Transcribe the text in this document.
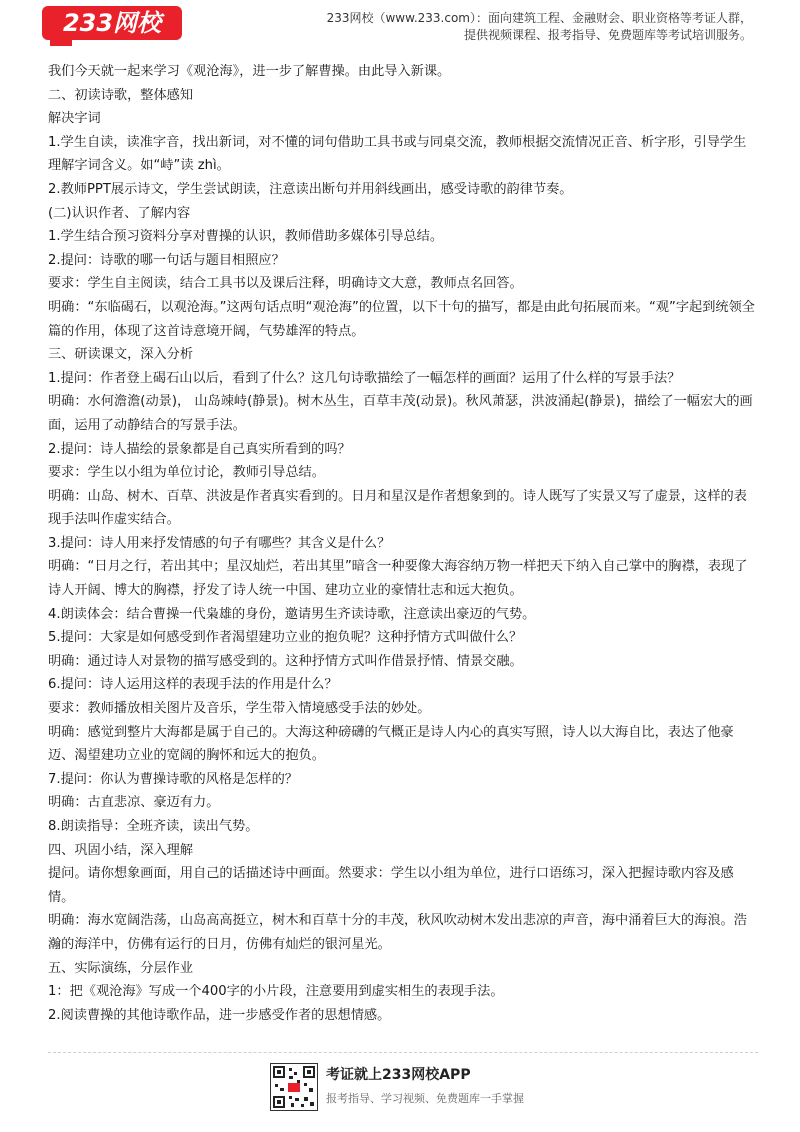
233网校	233网校（www.233.com）：面向建筑工程、金融财会、职业资格等考证人群，
提供视频课程、报考指导、免费题库等考试培训服务。

我们今天就一起来学习《观沧海》，进一步了解曹操。由此导入新课。

二、初读诗歌，整体感知

解决字词

1.学生自读，读准字音，找出新词，对不懂的词句借助工具书或与同桌交流，教师根据交流情况正音、析字形，引导学生理解字词含义。如“峙”读 zhì。

2.教师PPT展示诗文，学生尝试朗读，注意读出断句并用斜线画出，感受诗歌的韵律节奏。

(二)认识作者、了解内容

1.学生结合预习资料分享对曹操的认识，教师借助多媒体引导总结。

2.提问：诗歌的哪一句话与题目相照应？

要求：学生自主阅读，结合工具书以及课后注释，明确诗文大意，教师点名回答。

明确：“东临碣石，以观沧海。”这两句话点明“观沧海”的位置，以下十句的描写，都是由此句拓展而来。“观”字起到统领全篇的作用，体现了这首诗意境开阔，气势雄浑的特点。

三、研读课文，深入分析

1.提问：作者登上碣石山以后，看到了什么？这几句诗歌描绘了一幅怎样的画面？运用了什么样的写景手法？

明确：水何澹澹(动景)， 山岛竦峙(静景)。树木丛生，百草丰茂(动景)。秋风萧瑟，洪波涌起(静景)，描绘了一幅宏大的画面，运用了动静结合的写景手法。

2.提问：诗人描绘的景象都是自己真实所看到的吗？

要求：学生以小组为单位讨论，教师引导总结。

明确：山岛、树木、百草、洪波是作者真实看到的。日月和星汉是作者想象到的。诗人既写了实景又写了虚景，这样的表现手法叫作虚实结合。

3.提问：诗人用来抒发情感的句子有哪些？其含义是什么？

明确：“日月之行，若出其中；星汉灿烂，若出其里”暗含一种要像大海容纳万物一样把天下纳入自己掌中的胸襟，表现了诗人开阔、博大的胸襟，抒发了诗人统一中国、建功立业的豪情壮志和远大抱负。

4.朗读体会：结合曹操一代枭雄的身份，邀请男生齐读诗歌，注意读出豪迈的气势。

5.提问：大家是如何感受到作者渴望建功立业的抱负呢？这种抒情方式叫做什么？

明确：通过诗人对景物的描写感受到的。这种抒情方式叫作借景抒情、情景交融。

6.提问：诗人运用这样的表现手法的作用是什么？

要求：教师播放相关图片及音乐，学生带入情境感受手法的妙处。

明确：感觉到整片大海都是属于自己的。大海这种磅礴的气概正是诗人内心的真实写照，诗人以大海自比，表达了他豪迈、渴望建功立业的宽阔的胸怀和远大的抱负。

7.提问：你认为曹操诗歌的风格是怎样的？

明确：古直悲凉、豪迈有力。

8.朗读指导：全班齐读，读出气势。

四、巩固小结，深入理解

提问。请你想象画面，用自己的话描述诗中画面。然要求：学生以小组为单位，进行口语练习，深入把握诗歌内容及感情。

明确：海水宽阔浩荡，山岛高高挺立，树木和百草十分的丰茂，秋风吹动树木发出悲凉的声音，海中涌着巨大的海浪。浩瀚的海洋中，仿佛有运行的日月，仿佛有灿烂的银河星光。

五、实际演练，分层作业

1：把《观沧海》写成一个400字的小片段，注意要用到虚实相生的表现手法。

2.阅读曹操的其他诗歌作品，进一步感受作者的思想情感。

考证就上233网校APP
报考指导、学习视频、免费题库一手掌握
